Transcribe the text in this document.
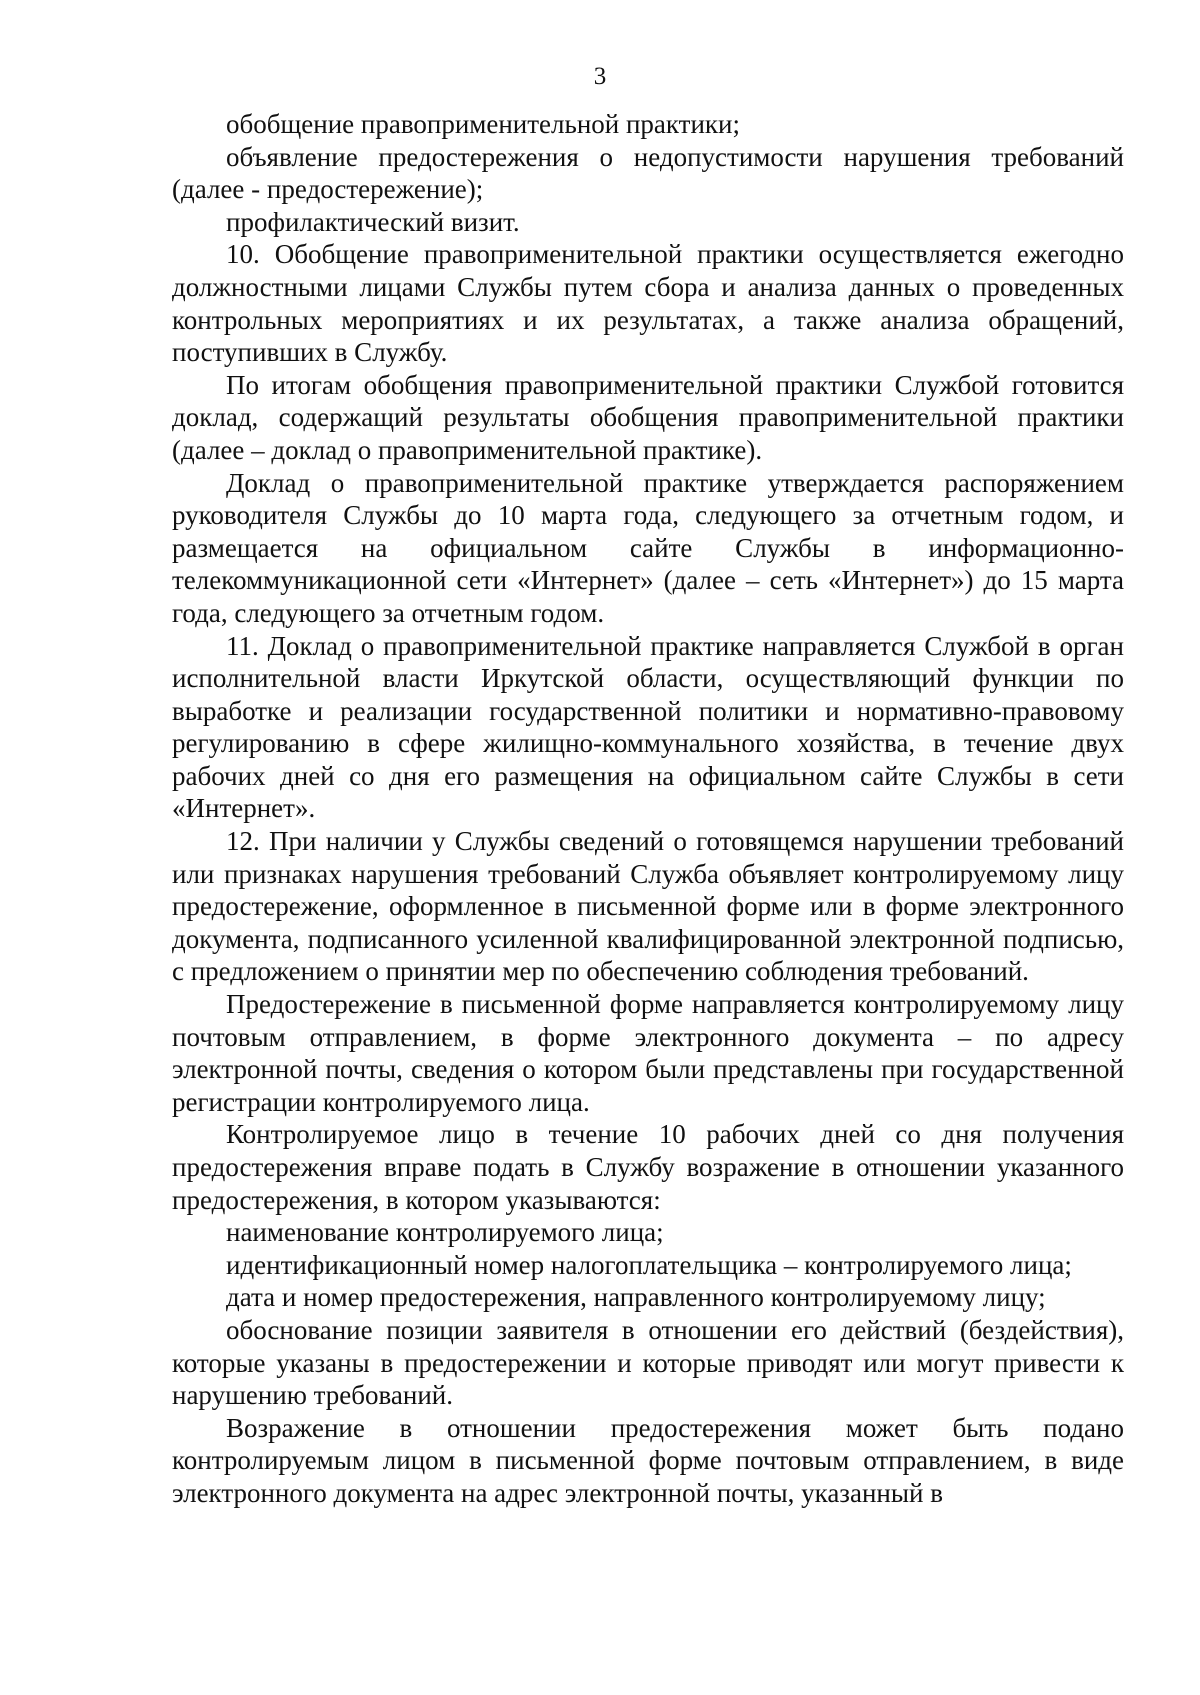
3

обобщение правоприменительной практики;

объявление предостережения о недопустимости нарушения требований (далее - предостережение);

профилактический визит.

10. Обобщение правоприменительной практики осуществляется ежегодно должностными лицами Службы путем сбора и анализа данных о проведенных контрольных мероприятиях и их результатах, а также анализа обращений, поступивших в Службу.

По итогам обобщения правоприменительной практики Службой готовится доклад, содержащий результаты обобщения правоприменительной практики (далее – доклад о правоприменительной практике).

Доклад о правоприменительной практике утверждается распоряжением руководителя Службы до 10 марта года, следующего за отчетным годом, и размещается на официальном сайте Службы в информационно-телекоммуникационной сети «Интернет» (далее – сеть «Интернет») до 15 марта года, следующего за отчетным годом.

11. Доклад о правоприменительной практике направляется Службой в орган исполнительной власти Иркутской области, осуществляющий функции по выработке и реализации государственной политики и нормативно-правовому регулированию в сфере жилищно-коммунального хозяйства, в течение двух рабочих дней со дня его размещения на официальном сайте Службы в сети «Интернет».

12. При наличии у Службы сведений о готовящемся нарушении требований или признаках нарушения требований Служба объявляет контролируемому лицу предостережение, оформленное в письменной форме или в форме электронного документа, подписанного усиленной квалифицированной электронной подписью, с предложением о принятии мер по обеспечению соблюдения требований.

Предостережение в письменной форме направляется контролируемому лицу почтовым отправлением, в форме электронного документа – по адресу электронной почты, сведения о котором были представлены при государственной регистрации контролируемого лица.

Контролируемое лицо в течение 10 рабочих дней со дня получения предостережения вправе подать в Службу возражение в отношении указанного предостережения, в котором указываются:

наименование контролируемого лица;

идентификационный номер налогоплательщика – контролируемого лица;

дата и номер предостережения, направленного контролируемому лицу;

обоснование позиции заявителя в отношении его действий (бездействия), которые указаны в предостережении и которые приводят или могут привести к нарушению требований.

Возражение в отношении предостережения может быть подано контролируемым лицом в письменной форме почтовым отправлением, в виде электронного документа на адрес электронной почты, указанный в
